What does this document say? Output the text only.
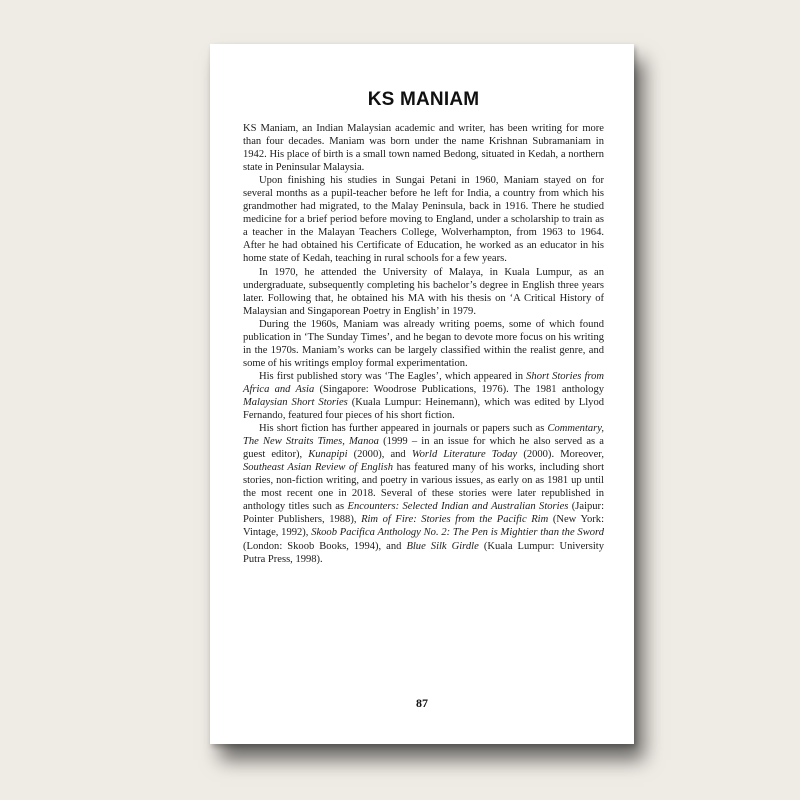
KS MANIAM

KS Maniam, an Indian Malaysian academic and writer, has been writing for more than four decades. Maniam was born under the name Krishnan Subramaniam in 1942. His place of birth is a small town named Bedong, situated in Kedah, a northern state in Peninsular Malaysia.

Upon finishing his studies in Sungai Petani in 1960, Maniam stayed on for several months as a pupil-teacher before he left for India, a country from which his grandmother had migrated, to the Malay Peninsula, back in 1916. There he studied medicine for a brief period before moving to England, under a scholarship to train as a teacher in the Malayan Teachers College, Wolverhampton, from 1963 to 1964. After he had obtained his Certificate of Education, he worked as an educator in his home state of Kedah, teaching in rural schools for a few years.

In 1970, he attended the University of Malaya, in Kuala Lumpur, as an undergraduate, subsequently completing his bachelor’s degree in English three years later. Following that, he obtained his MA with his thesis on ‘A Critical History of Malaysian and Singaporean Poetry in English’ in 1979.

During the 1960s, Maniam was already writing poems, some of which found publication in ‘The Sunday Times’, and he began to devote more focus on his writing in the 1970s. Maniam’s works can be largely classified within the realist genre, and some of his writings employ formal experimentation.

His first published story was ‘The Eagles’, which appeared in Short Stories from Africa and Asia (Singapore: Woodrose Publications, 1976). The 1981 anthology Malaysian Short Stories (Kuala Lumpur: Heinemann), which was edited by Llyod Fernando, featured four pieces of his short fiction.

His short fiction has further appeared in journals or papers such as Commentary, The New Straits Times, Manoa (1999 – in an issue for which he also served as a guest editor), Kunapipi (2000), and World Literature Today (2000). Moreover, Southeast Asian Review of English has featured many of his works, including short stories, non-fiction writing, and poetry in various issues, as early on as 1981 up until the most recent one in 2018. Several of these stories were later republished in anthology titles such as Encounters: Selected Indian and Australian Stories (Jaipur: Pointer Publishers, 1988), Rim of Fire: Stories from the Pacific Rim (New York: Vintage, 1992), Skoob Pacifica Anthology No. 2: The Pen is Mightier than the Sword (London: Skoob Books, 1994), and Blue Silk Girdle (Kuala Lumpur: University Putra Press, 1998).

87
